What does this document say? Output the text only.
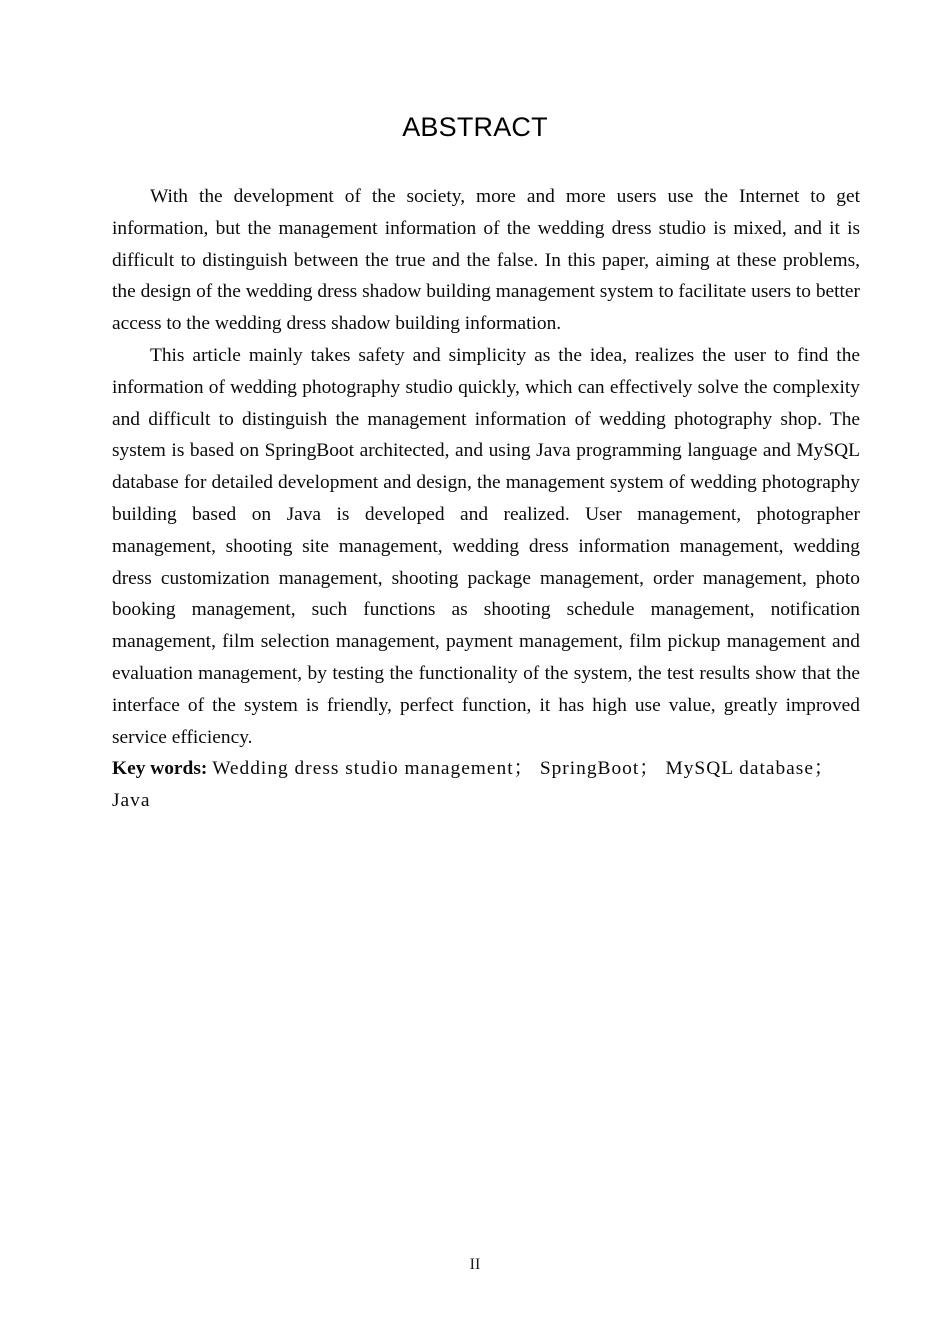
ABSTRACT

With the development of the society, more and more users use the Internet to get information, but the management information of the wedding dress studio is mixed, and it is difficult to distinguish between the true and the false. In this paper, aiming at these problems, the design of the wedding dress shadow building management system to facilitate users to better access to the wedding dress shadow building information.

This article mainly takes safety and simplicity as the idea, realizes the user to find the information of wedding photography studio quickly, which can effectively solve the complexity and difficult to distinguish the management information of wedding photography shop. The system is based on SpringBoot architected, and using Java programming language and MySQL database for detailed development and design, the management system of wedding photography building based on Java is developed and realized. User management, photographer management, shooting site management, wedding dress information management, wedding dress customization management, shooting package management, order management, photo booking management, such functions as shooting schedule management, notification management, film selection management, payment management, film pickup management and evaluation management, by testing the functionality of the system, the test results show that the interface of the system is friendly, perfect function, it has high use value, greatly improved service efficiency.

Key words: Wedding dress studio management； SpringBoot； MySQL database； Java

II
